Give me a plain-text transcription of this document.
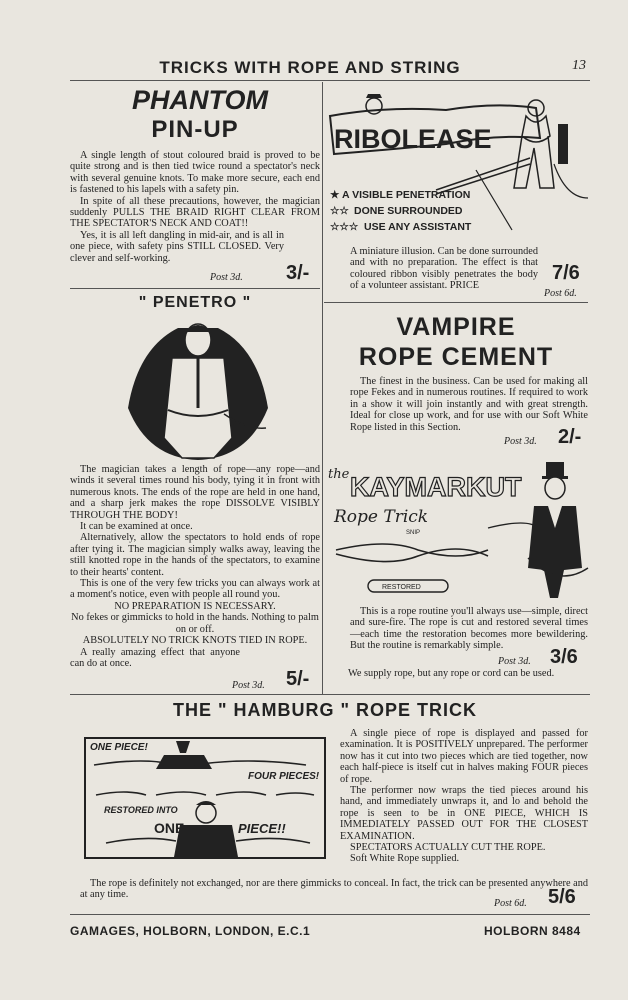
TRICKS WITH ROPE AND STRING	13
PHANTOM
PIN-UP

A single length of stout coloured braid is proved to be quite strong and is then tied twice round a spectator's neck with several genuine knots. To make more secure, each end is fastened to his lapels with a safety pin.

In spite of all these precautions, however, the magician suddenly PULLS THE BRAID RIGHT CLEAR FROM THE SPECTATOR'S NECK AND COAT!!

Yes, it is all left dangling in mid-air, and is all in one piece, with safety pins STILL CLOSED. Very clever and self-working.

Post 3d. 3/-
RIBOLEASE
★ A VISIBLE PENETRATION
☆☆ DONE SURROUNDED
☆☆☆ USE ANY ASSISTANT

A miniature illusion. Can be done surrounded and with no preparation. The effect is that coloured ribbon visibly penetrates the body of a volunteer assistant. PRICE

7/6
Post 6d.
" PENETRO "

The magician takes a length of rope—any rope—and winds it several times round his body, tying it in front with numerous knots. The ends of the rope are held in one hand, and a sharp jerk makes the rope DISSOLVE VISIBLY THROUGH THE BODY!

It can be examined at once.

Alternatively, allow the spectators to hold ends of rope after tying it. The magician simply walks away, leaving the still knotted rope in the hands of the spectators, to examine to their hearts' content.

This is one of the very few tricks you can always work at a moment's notice, even with people all round you.

NO PREPARATION IS NECESSARY.
No fekes or gimmicks to hold in the hands. Nothing to palm on or off.
ABSOLUTELY NO TRICK KNOTS TIED IN ROPE.

A really amazing effect that anyone can do at once.

Post 3d. 5/-
VAMPIRE
ROPE CEMENT

The finest in the business. Can be used for making all rope Fekes and in numerous routines. If required to work in a show it will join instantly and with great strength. Ideal for close up work, and for use with our Soft White Rope listed in this Section.

Post 3d. 2/-
the KAYMARKUT
Rope Trick
SNIP
RESTORED

This is a rope routine you'll always use—simple, direct and sure-fire. The rope is cut and restored several times—each time the restoration becomes more bewildering. But the routine is remarkably simple.

Post 3d. 3/6

We supply rope, but any rope or cord can be used.

THE " HAMBURG " ROPE TRICK
ONE PIECE!
FOUR PIECES!
RESTORED INTO
ONE	PIECE!!

A single piece of rope is displayed and passed for examination. It is POSITIVELY unprepared. The performer now has it cut into two pieces which are tied together, now each half-piece is itself cut in halves making FOUR pieces of rope.

The performer now wraps the tied pieces around his hand, and immediately unwraps it, and lo and behold the rope is seen to be in ONE PIECE, WHICH IS IMMEDIATELY PASSED OUT FOR THE CLOSEST EXAMINATION.

SPECTATORS ACTUALLY CUT THE ROPE.

Soft White Rope supplied.

The rope is definitely not exchanged, nor are there gimmicks to conceal. In fact, the trick can be presented anywhere and at any time.

Post 6d. 5/6
GAMAGES, HOLBORN, LONDON, E.C.1	HOLBORN 8484
